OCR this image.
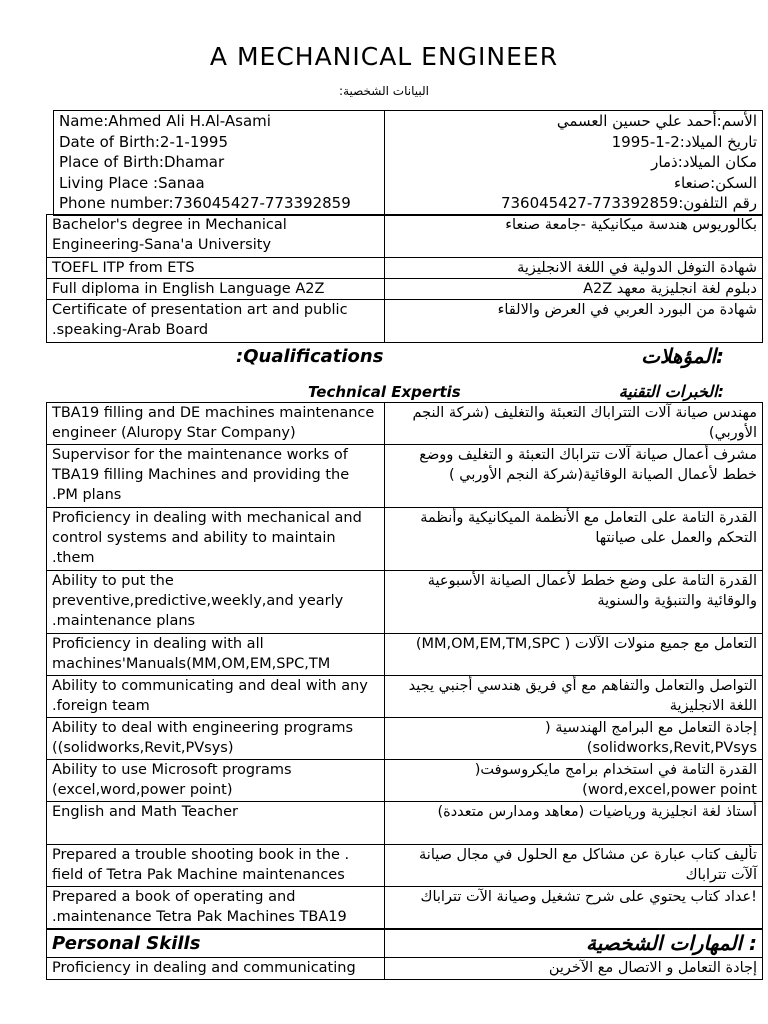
A MECHANICAL ENGINEER
:البيانات الشخصية
Name:Ahmed Ali H.Al-Asami
Date of Birth:2-1-1995
Place of Birth:Dhamar
Living Place :Sanaa
Phone number:736045427-773392859

الأسم:أحمد علي حسين العسمي
تاريخ الميلاد:2-1-1995
مكان الميلاد:ذمار
السكن:صنعاء
رقم التلفون:773392859-736045427
Bachelor's degree in Mechanical Engineering-Sana'a University	بكالوريوس هندسة ميكانيكية -جامعة صنعاء
TOEFL ITP from ETS	شهادة التوفل الدولية في اللغة الانجليزية
Full diploma in English Language A2Z	دبلوم لغة انجليزية معهد A2Z
Certificate of presentation art and public .speaking-Arab Board	شهادة من البورد العربي في العرض والالقاء
:Qualifications	:المؤهلات
Technical Expertis	:الخبرات التقنية
TBA19 filling and DE machines maintenance engineer (Aluropy Star Company)	مهندس صيانة آلات التتراباك التعبئة والتغليف (شركة النجم الأوربي)
Supervisor for the maintenance works of TBA19 filling Machines and providing the .PM plans	مشرف أعمال صيانة آلات تتراباك التعبئة و التغليف ووضع خطط لأعمال الصيانة الوقائية(شركة النجم الأوربي )
Proficiency in dealing with mechanical and control systems and ability to maintain .them	القدرة التامة على التعامل مع الأنظمة الميكانيكية وأنظمة التحكم والعمل على صيانتها
Ability to put the preventive,predictive,weekly,and yearly .maintenance plans	القدرة التامة على وضع خطط لأعمال الصيانة الأسبوعية والوقائية والتنبؤية والسنوية
Proficiency in dealing with all machines'Manuals(MM,OM,EM,SPC,TM	التعامل مع جميع منولات الآلات ( MM,OM,EM,TM,SPC)
Ability to communicating and deal with any .foreign team	التواصل والتعامل والتفاهم مع أي فريق هندسي أجنبي يجيد اللغة الانجليزية
Ability to deal with engineering programs ((solidworks,Revit,PVsys)	إجادة التعامل مع البرامج الهندسية ( solidworks,Revit,PVsys)
Ability to use Microsoft programs (excel,word,power point)	القدرة التامة في استخدام برامج مايكروسوفت( word,excel,power point)
English and Math Teacher	أستاذ لغة انجليزية ورياضيات (معاهد ومدارس متعددة)
Prepared a trouble shooting book in the . field of Tetra Pak Machine maintenances	تأليف كتاب عبارة عن مشاكل مع الحلول في مجال صيانة آلآت تتراباك
Prepared a book of operating and .maintenance Tetra Pak Machines TBA19	!عداد كتاب يحتوي على شرح تشغيل وصيانة الآت تتراباك
Personal Skills	: المهارات الشخصية
Proficiency in dealing and communicating	إجادة التعامل و الاتصال مع الآخرين
